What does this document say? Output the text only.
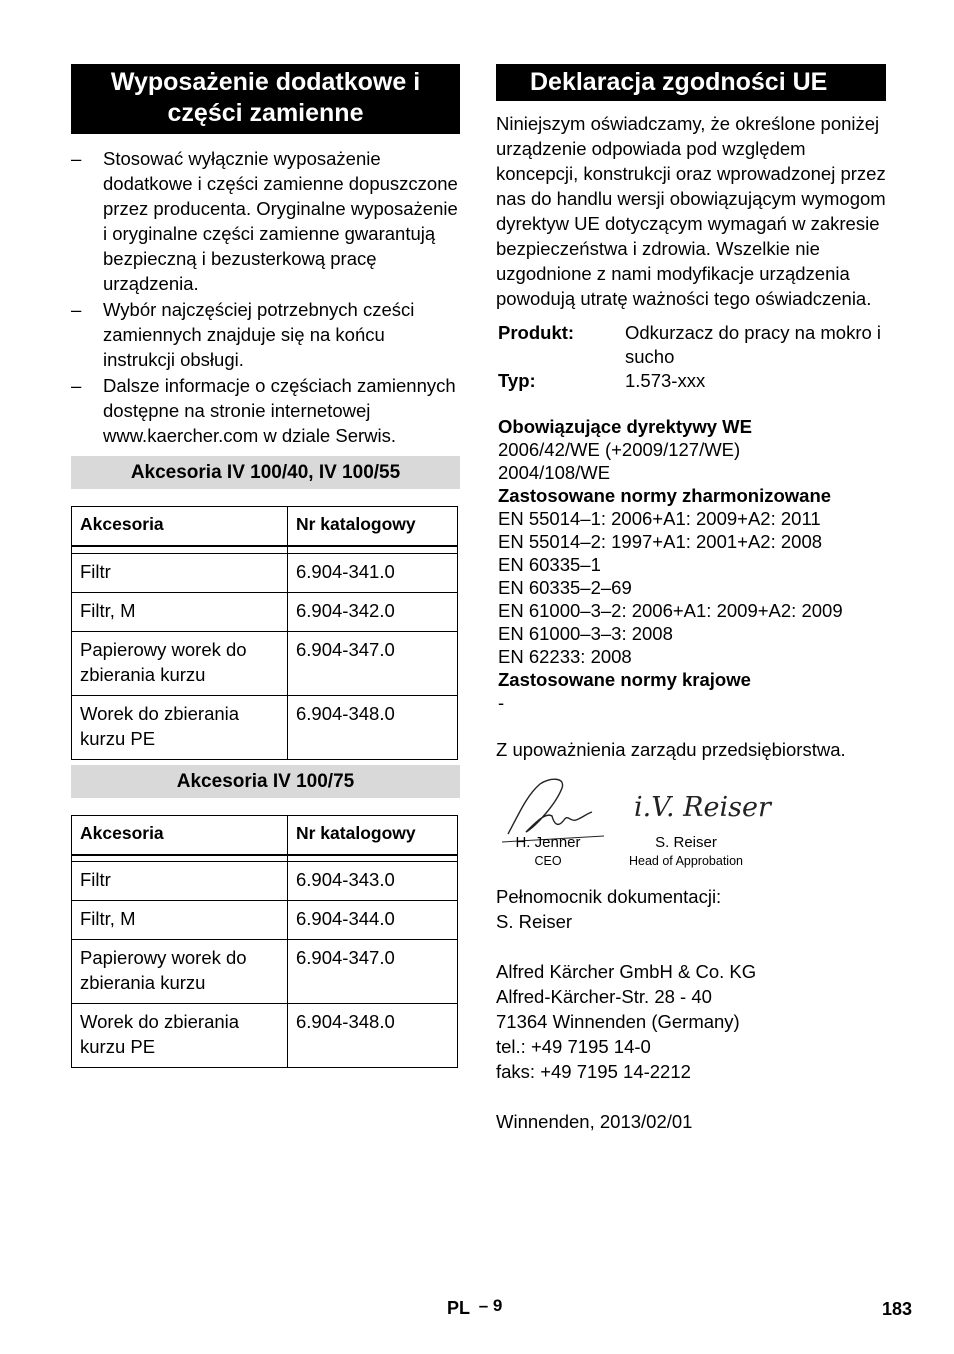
Wyposażenie dodatkowe i części zamienne
–	Stosować wyłącznie wyposażenie dodatkowe i części zamienne dopuszczone przez producenta. Oryginalne wyposażenie i oryginalne części zamienne gwarantują bezpieczną i bezusterkową pracę urządzenia.
–	Wybór najczęściej potrzebnych cześci zamiennych znajduje się na końcu instrukcji obsługi.
–	Dalsze informacje o częściach zamiennych dostępne na stronie internetowej www.kaercher.com w dziale Serwis.
Akcesoria IV 100/40, IV 100/55
Akcesoria	Nr katalogowy

Filtr	6.904-341.0
Filtr, M	6.904-342.0
Papierowy worek do zbierania kurzu	6.904-347.0
Worek do zbierania kurzu PE	6.904-348.0
Akcesoria IV 100/75
Akcesoria	Nr katalogowy

Filtr	6.904-343.0
Filtr, M	6.904-344.0
Papierowy worek do zbierania kurzu	6.904-347.0
Worek do zbierania kurzu PE	6.904-348.0
Deklaracja zgodności UE

Niniejszym oświadczamy, że określone poniżej urządzenie odpowiada pod względem koncepcji, konstrukcji oraz wprowadzonej przez nas do handlu wersji obowiązującym wymogom dyrektyw UE dotyczącym wymagań w zakresie bezpieczeństwa i zdrowia. Wszelkie nie uzgodnione z nami modyfikacje urządzenia powodują utratę ważności tego oświadczenia.

Produkt:	Odkurzacz do pracy na mokro i sucho
Typ:	1.573-xxx
Obowiązujące dyrektywy WE
2006/42/WE (+2009/127/WE)
2004/108/WE
Zastosowane normy zharmonizowane
EN 55014–1: 2006+A1: 2009+A2: 2011
EN 55014–2: 1997+A1: 2001+A2: 2008
EN 60335–1
EN 60335–2–69
EN 61000–3–2: 2006+A1: 2009+A2: 2009
EN 61000–3–3: 2008
EN 62233: 2008
Zastosowane normy krajowe
-

Z upoważnienia zarządu przedsiębiorstwa.

i.V. Reiser
H. Jenner
CEO
S. Reiser
Head of Approbation
Pełnomocnik dokumentacji:
S. Reiser
Alfred Kärcher GmbH & Co. KG
Alfred-Kärcher-Str. 28 - 40
71364 Winnenden (Germany)
tel.: +49 7195 14-0
faks: +49 7195 14-2212
Winnenden, 2013/02/01
PL – 9	183
